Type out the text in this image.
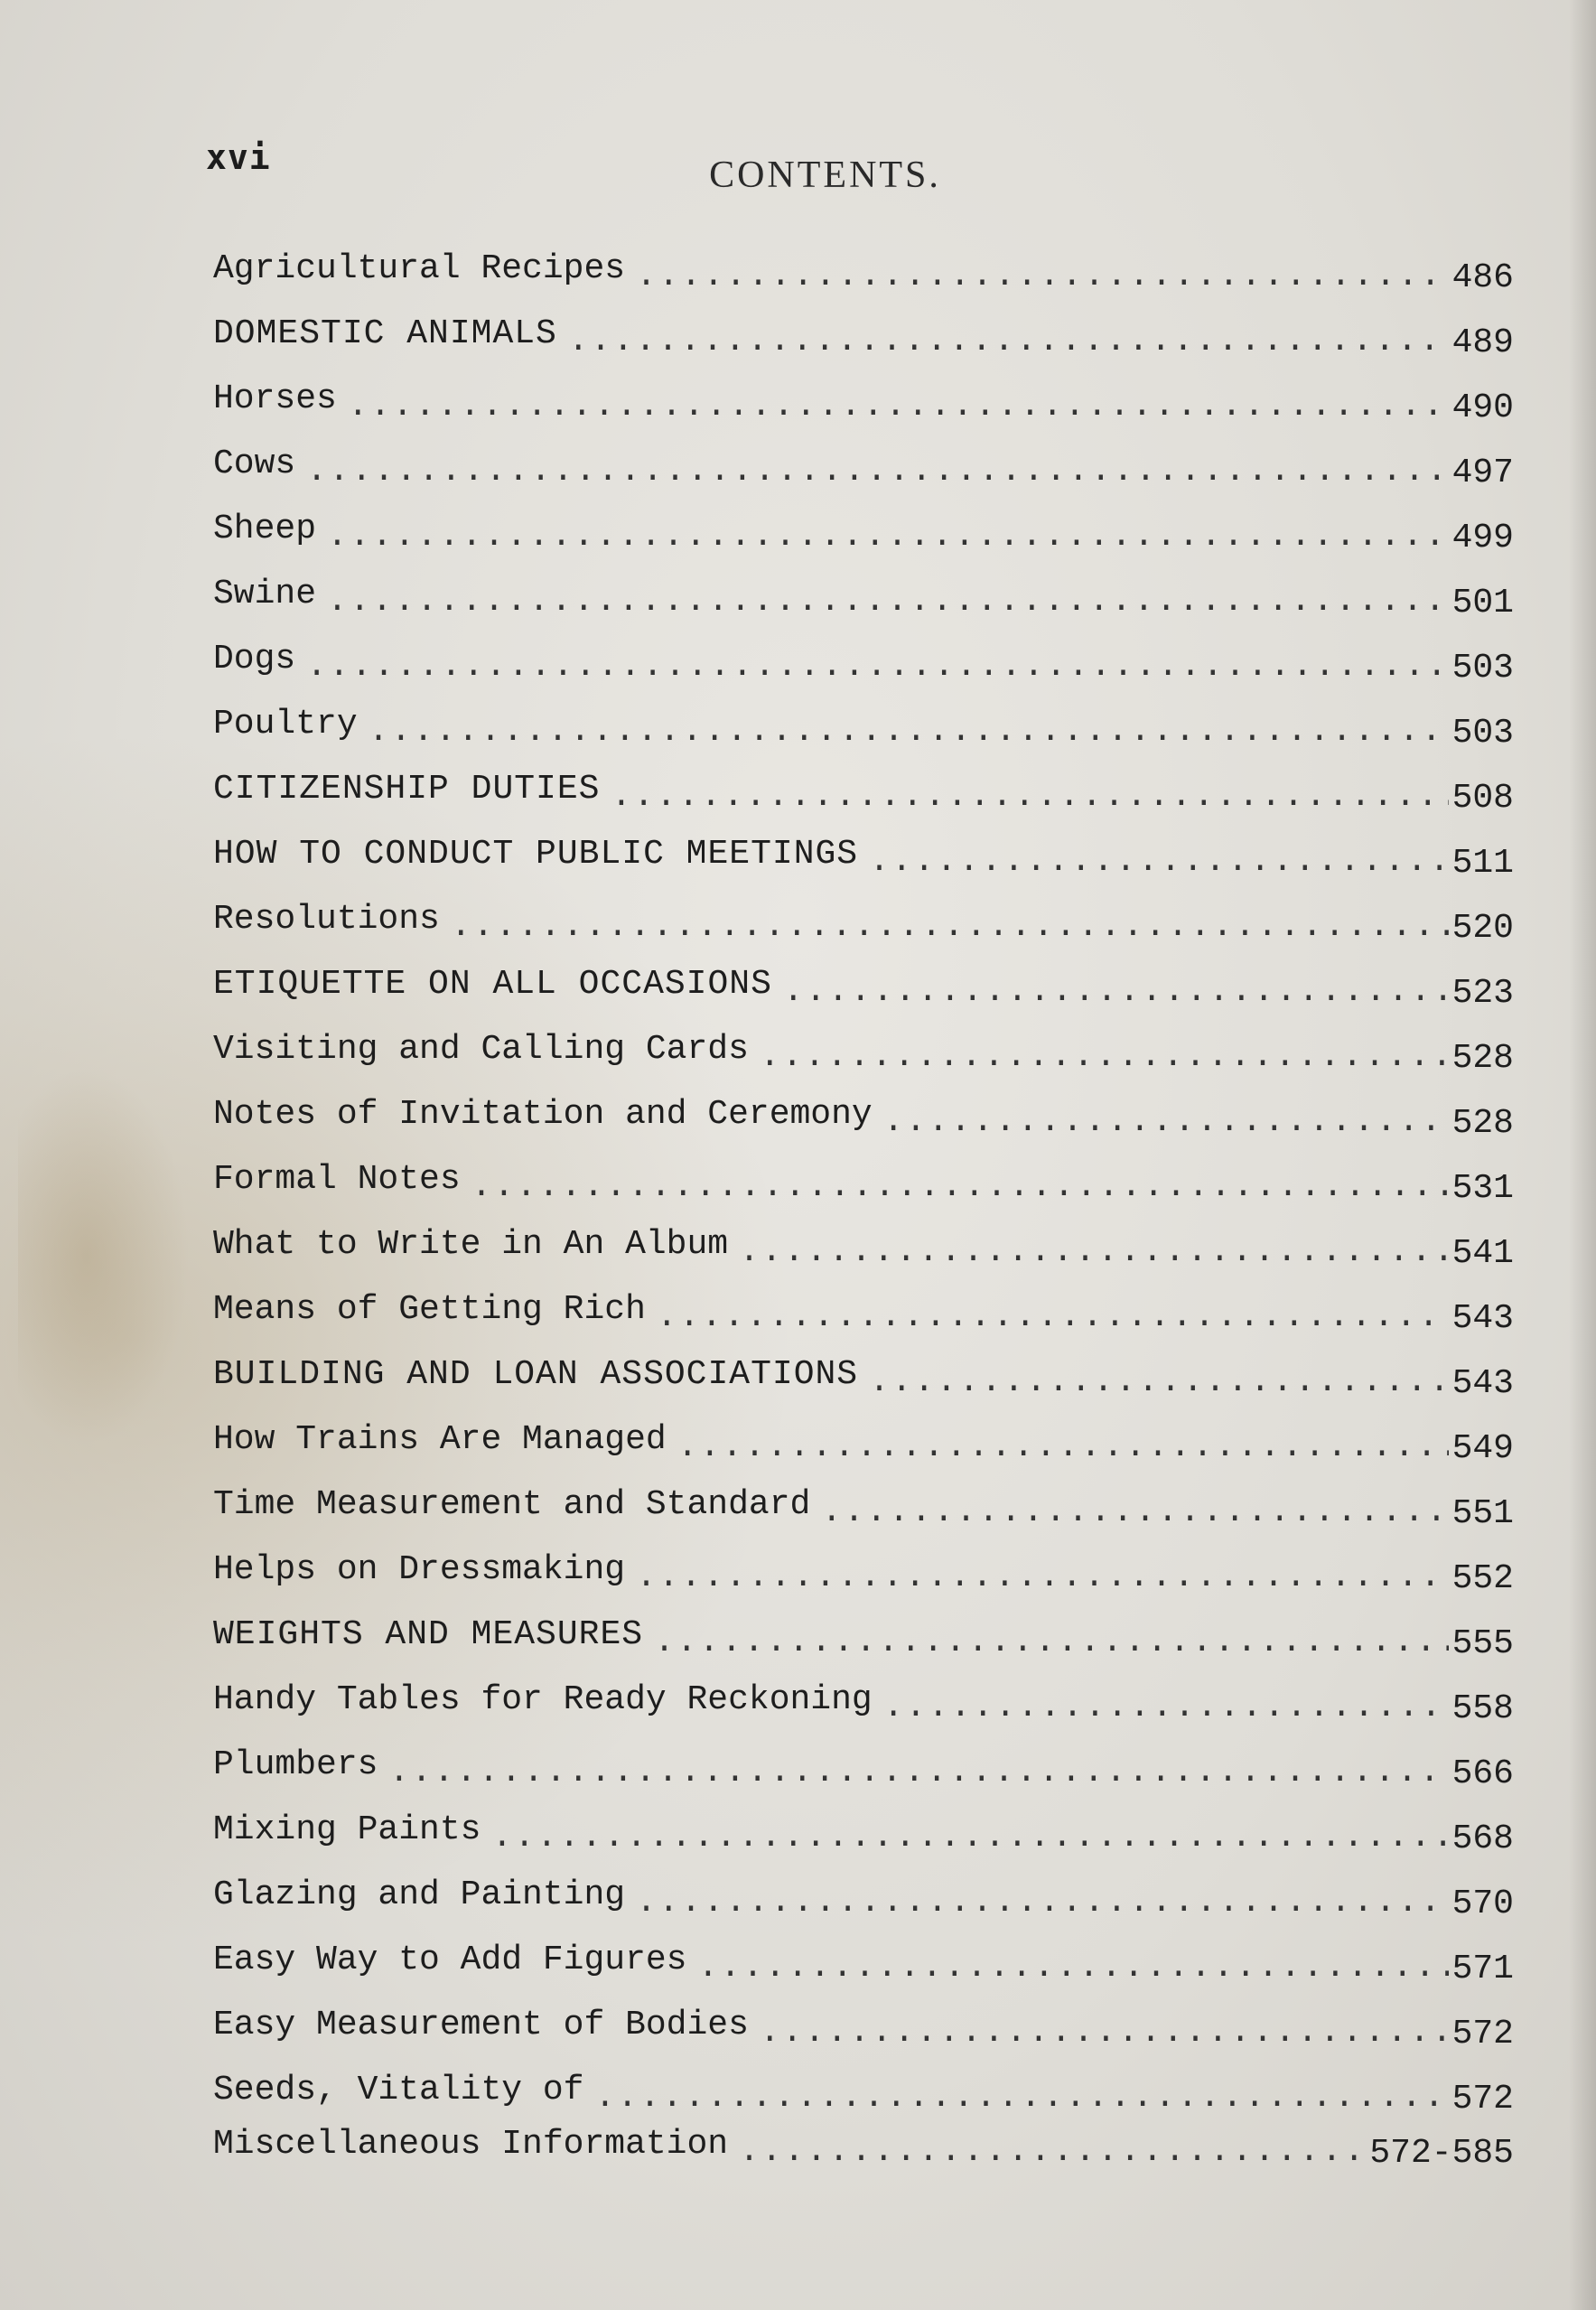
xvi	CONTENTS.
Agricultural Recipes .....	486
DOMESTIC ANIMALS .....	489
Horses .....	490
Cows .....	497
Sheep .....	499
Swine .....	501
Dogs .....	503
Poultry .....	503
CITIZENSHIP DUTIES .....	508
HOW TO CONDUCT PUBLIC MEETINGS .....	511
Resolutions .....	520
ETIQUETTE ON ALL OCCASIONS .....	523
Visiting and Calling Cards .....	528
Notes of Invitation and Ceremony .....	528
Formal Notes .....	531
What to Write in An Album .....	541
Means of Getting Rich .....	543
BUILDING AND LOAN ASSOCIATIONS .....	543
How Trains Are Managed .....	549
Time Measurement and Standard .....	551
Helps on Dressmaking .....	552
WEIGHTS AND MEASURES .....	555
Handy Tables for Ready Reckoning .....	558
Plumbers .....	566
Mixing Paints .....	568
Glazing and Painting .....	570
Easy Way to Add Figures .....	571
Easy Measurement of Bodies .....	572
Seeds, Vitality of .....	572
Miscellaneous Information .....	572-585
